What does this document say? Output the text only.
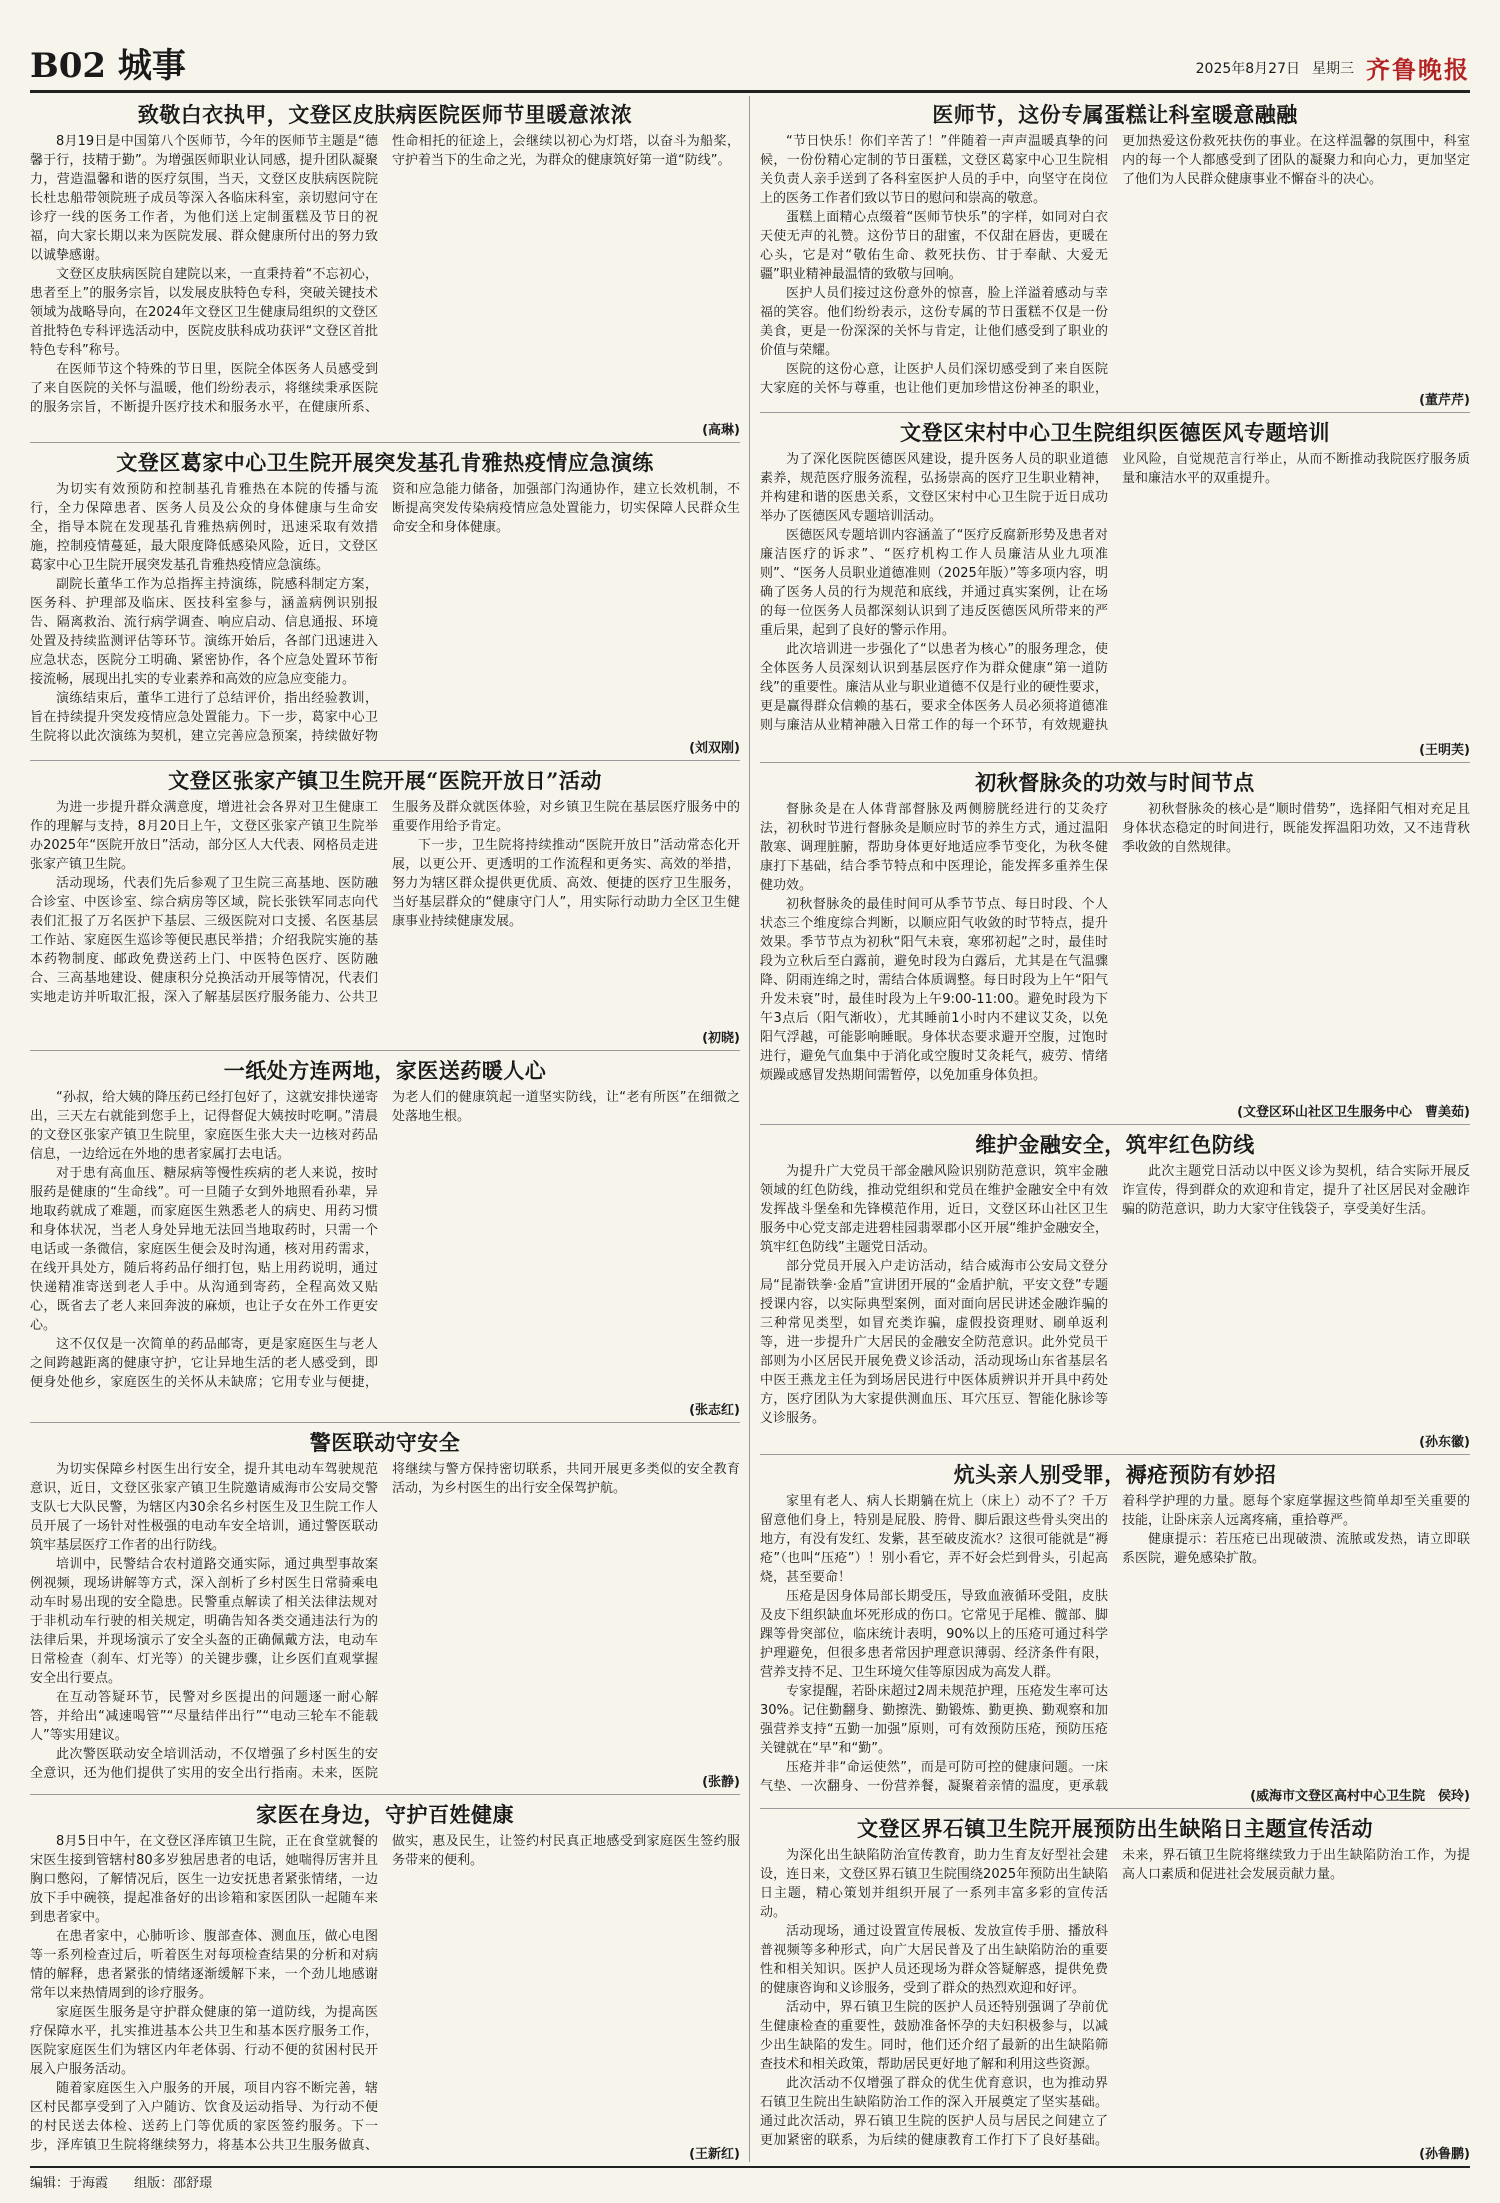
B02 城事	2025年8月27日 星期三 齐鲁晚报
致敬白衣执甲，文登区皮肤病医院医师节里暖意浓浓

8月19日是中国第八个医师节，今年的医师节主题是“德馨于行，技精于勤”。为增强医师职业认同感，提升团队凝聚力，营造温馨和谐的医疗氛围，当天，文登区皮肤病医院院长杜忠船带领院班子成员等深入各临床科室，亲切慰问守在诊疗一线的医务工作者，为他们送上定制蛋糕及节日的祝福，向大家长期以来为医院发展、群众健康所付出的努力致以诚挚感谢。

文登区皮肤病医院自建院以来，一直秉持着“不忘初心，患者至上”的服务宗旨，以发展皮肤特色专科，突破关键技术领域为战略导向，在2024年文登区卫生健康局组织的文登区首批特色专科评选活动中，医院皮肤科成功获评“文登区首批特色专科”称号。

在医师节这个特殊的节日里，医院全体医务人员感受到了来自医院的关怀与温暖，他们纷纷表示，将继续秉承医院的服务宗旨，不断提升医疗技术和服务水平，在健康所系、性命相托的征途上，会继续以初心为灯塔，以奋斗为船桨，守护着当下的生命之光，为群众的健康筑好第一道“防线”。

(高琳)
文登区葛家中心卫生院开展突发基孔肯雅热疫情应急演练

为切实有效预防和控制基孔肯雅热在本院的传播与流行，全力保障患者、医务人员及公众的身体健康与生命安全，指导本院在发现基孔肯雅热病例时，迅速采取有效措施，控制疫情蔓延，最大限度降低感染风险，近日，文登区葛家中心卫生院开展突发基孔肯雅热疫情应急演练。

副院长董华工作为总指挥主持演练，院感科制定方案，医务科、护理部及临床、医技科室参与，涵盖病例识别报告、隔离救治、流行病学调查、响应启动、信息通报、环境处置及持续监测评估等环节。演练开始后，各部门迅速进入应急状态，医院分工明确、紧密协作，各个应急处置环节衔接流畅，展现出扎实的专业素养和高效的应急应变能力。

演练结束后，董华工进行了总结评价，指出经验教训，旨在持续提升突发疫情应急处置能力。下一步，葛家中心卫生院将以此次演练为契机，建立完善应急预案，持续做好物资和应急能力储备，加强部门沟通协作，建立长效机制，不断提高突发传染病疫情应急处置能力，切实保障人民群众生命安全和身体健康。

(刘双刚)
文登区张家产镇卫生院开展“医院开放日”活动

为进一步提升群众满意度，增进社会各界对卫生健康工作的理解与支持，8月20日上午，文登区张家产镇卫生院举办2025年“医院开放日”活动，部分区人大代表、网格员走进张家产镇卫生院。

活动现场，代表们先后参观了卫生院三高基地、医防融合诊室、中医诊室、综合病房等区域，院长张铁军同志向代表们汇报了万名医护下基层、三级医院对口支援、名医基层工作站、家庭医生巡诊等便民惠民举措；介绍我院实施的基本药物制度、邮政免费送药上门、中医特色医疗、医防融合、三高基地建设、健康积分兑换活动开展等情况，代表们实地走访并听取汇报，深入了解基层医疗服务能力、公共卫生服务及群众就医体验，对乡镇卫生院在基层医疗服务中的重要作用给予肯定。

下一步，卫生院将持续推动“医院开放日”活动常态化开展，以更公开、更透明的工作流程和更务实、高效的举措，努力为辖区群众提供更优质、高效、便捷的医疗卫生服务，当好基层群众的“健康守门人”，用实际行动助力全区卫生健康事业持续健康发展。

(初晓)
一纸处方连两地，家医送药暖人心

“孙叔，给大姨的降压药已经打包好了，这就安排快递寄出，三天左右就能到您手上，记得督促大姨按时吃啊。”清晨的文登区张家产镇卫生院里，家庭医生张大夫一边核对药品信息，一边给远在外地的患者家属打去电话。

对于患有高血压、糖尿病等慢性疾病的老人来说，按时服药是健康的“生命线”。可一旦随子女到外地照看孙辈，异地取药就成了难题，而家庭医生熟悉老人的病史、用药习惯和身体状况，当老人身处异地无法回当地取药时，只需一个电话或一条微信，家庭医生便会及时沟通，核对用药需求，在线开具处方，随后将药品仔细打包，贴上用药说明，通过快递精准寄送到老人手中。从沟通到寄药，全程高效又贴心，既省去了老人来回奔波的麻烦，也让子女在外工作更安心。

这不仅仅是一次简单的药品邮寄，更是家庭医生与老人之间跨越距离的健康守护，它让异地生活的老人感受到，即便身处他乡，家庭医生的关怀从未缺席；它用专业与便捷，为老人们的健康筑起一道坚实防线，让“老有所医”在细微之处落地生根。

(张志红)
警医联动守安全

为切实保障乡村医生出行安全，提升其电动车驾驶规范意识，近日，文登区张家产镇卫生院邀请威海市公安局交警支队七大队民警，为辖区内30余名乡村医生及卫生院工作人员开展了一场针对性极强的电动车安全培训，通过警医联动筑牢基层医疗工作者的出行防线。

培训中，民警结合农村道路交通实际，通过典型事故案例视频，现场讲解等方式，深入剖析了乡村医生日常骑乘电动车时易出现的安全隐患。民警重点解读了相关法律法规对于非机动车行驶的相关规定，明确告知各类交通违法行为的法律后果，并现场演示了安全头盔的正确佩戴方法，电动车日常检查（刹车、灯光等）的关键步骤，让乡医们直观掌握安全出行要点。

在互动答疑环节，民警对乡医提出的问题逐一耐心解答，并给出“减速喝管”“尽量结伴出行”“电动三轮车不能载人”等实用建议。

此次警医联动安全培训活动，不仅增强了乡村医生的安全意识，还为他们提供了实用的安全出行指南。未来，医院将继续与警方保持密切联系，共同开展更多类似的安全教育活动，为乡村医生的出行安全保驾护航。

(张静)
家医在身边，守护百姓健康

8月5日中午，在文登区泽库镇卫生院，正在食堂就餐的宋医生接到管辖村80多岁独居患者的电话，她喘得厉害并且胸口憋闷，了解情况后，医生一边安抚患者紧张情绪，一边放下手中碗筷，提起准备好的出诊箱和家医团队一起随车来到患者家中。

在患者家中，心肺听诊、腹部查体、测血压，做心电图等一系列检查过后，听着医生对每项检查结果的分析和对病情的解释，患者紧张的情绪逐渐缓解下来，一个劲儿地感谢常年以来热情周到的诊疗服务。

家庭医生服务是守护群众健康的第一道防线，为提高医疗保障水平，扎实推进基本公共卫生和基本医疗服务工作，医院家庭医生们为辖区内年老体弱、行动不便的贫困村民开展入户服务活动。

随着家庭医生入户服务的开展，项目内容不断完善，辖区村民都享受到了入户随访、饮食及运动指导、为行动不便的村民送去体检、送药上门等优质的家医签约服务。下一步，泽库镇卫生院将继续努力，将基本公共卫生服务做真、做实，惠及民生，让签约村民真正地感受到家庭医生签约服务带来的便利。

(王新红)
医师节，这份专属蛋糕让科室暖意融融

“节日快乐！你们辛苦了！”伴随着一声声温暖真挚的问候，一份份精心定制的节日蛋糕，文登区葛家中心卫生院相关负责人亲手送到了各科室医护人员的手中，向坚守在岗位上的医务工作者们致以节日的慰问和崇高的敬意。

蛋糕上面精心点缀着“医师节快乐”的字样，如同对白衣天使无声的礼赞。这份节日的甜蜜，不仅甜在唇齿，更暖在心头，它是对“敬佑生命、救死扶伤、甘于奉献、大爱无疆”职业精神最温情的致敬与回响。

医护人员们接过这份意外的惊喜，脸上洋溢着感动与幸福的笑容。他们纷纷表示，这份专属的节日蛋糕不仅是一份美食，更是一份深深的关怀与肯定，让他们感受到了职业的价值与荣耀。

医院的这份心意，让医护人员们深切感受到了来自医院大家庭的关怀与尊重，也让他们更加珍惜这份神圣的职业，更加热爱这份救死扶伤的事业。在这样温馨的氛围中，科室内的每一个人都感受到了团队的凝聚力和向心力，更加坚定了他们为人民群众健康事业不懈奋斗的决心。

(董芹芹)
文登区宋村中心卫生院组织医德医风专题培训

为了深化医院医德医风建设，提升医务人员的职业道德素养，规范医疗服务流程，弘扬崇高的医疗卫生职业精神，并构建和谐的医患关系，文登区宋村中心卫生院于近日成功举办了医德医风专题培训活动。

医德医风专题培训内容涵盖了“医疗反腐新形势及患者对廉洁医疗的诉求”、“医疗机构工作人员廉洁从业九项准则”、“医务人员职业道德准则（2025年版）”等多项内容，明确了医务人员的行为规范和底线，并通过真实案例，让在场的每一位医务人员都深刻认识到了违反医德医风所带来的严重后果，起到了良好的警示作用。

此次培训进一步强化了“以患者为核心”的服务理念，使全体医务人员深刻认识到基层医疗作为群众健康“第一道防线”的重要性。廉洁从业与职业道德不仅是行业的硬性要求，更是赢得群众信赖的基石，要求全体医务人员必须将道德准则与廉洁从业精神融入日常工作的每一个环节，有效规避执业风险，自觉规范言行举止，从而不断推动我院医疗服务质量和廉洁水平的双重提升。

(王明芙)
初秋督脉灸的功效与时间节点

督脉灸是在人体背部督脉及两侧膀胱经进行的艾灸疗法，初秋时节进行督脉灸是顺应时节的养生方式，通过温阳散寒、调理脏腑，帮助身体更好地适应季节变化，为秋冬健康打下基础，结合季节特点和中医理论，能发挥多重养生保健功效。

初秋督脉灸的最佳时间可从季节节点、每日时段、个人状态三个维度综合判断，以顺应阳气收敛的时节特点，提升效果。季节节点为初秋“阳气未衰，寒邪初起”之时，最佳时段为立秋后至白露前，避免时段为白露后，尤其是在气温骤降、阴雨连绵之时，需结合体质调整。每日时段为上午“阳气升发未衰”时，最佳时段为上午9:00-11:00。避免时段为下午3点后（阳气渐收），尤其睡前1小时内不建议艾灸，以免阳气浮越，可能影响睡眠。身体状态要求避开空腹，过饱时进行，避免气血集中于消化或空腹时艾灸耗气，疲劳、情绪烦躁或感冒发热期间需暂停，以免加重身体负担。

初秋督脉灸的核心是“顺时借势”，选择阳气相对充足且身体状态稳定的时间进行，既能发挥温阳功效，又不违背秋季收敛的自然规律。

(文登区环山社区卫生服务中心　曹美茹)
维护金融安全，筑牢红色防线

为提升广大党员干部金融风险识别防范意识，筑牢金融领域的红色防线，推动党组织和党员在维护金融安全中有效发挥战斗堡垒和先锋模范作用，近日，文登区环山社区卫生服务中心党支部走进碧桂园翡翠郡小区开展“维护金融安全，筑牢红色防线”主题党日活动。

部分党员开展入户走访活动，结合威海市公安局文登分局“昆嵛铁拳·金盾”宣讲团开展的“金盾护航，平安文登”专题授课内容，以实际典型案例，面对面向居民讲述金融诈骗的三种常见类型，如冒充类诈骗，虚假投资理财、刷单返利等，进一步提升广大居民的金融安全防范意识。此外党员干部则为小区居民开展免费义诊活动，活动现场山东省基层名中医王燕龙主任为到场居民进行中医体质辨识并开具中药处方，医疗团队为大家提供测血压、耳穴压豆、智能化脉诊等义诊服务。

此次主题党日活动以中医义诊为契机，结合实际开展反诈宣传，得到群众的欢迎和肯定，提升了社区居民对金融诈骗的防范意识，助力大家守住钱袋子，享受美好生活。

(孙东徽)
炕头亲人别受罪，褥疮预防有妙招

家里有老人、病人长期躺在炕上（床上）动不了？千万留意他们身上，特别是屁股、胯骨、脚后跟这些骨头突出的地方，有没有发红、发紫，甚至破皮流水？这很可能就是“褥疮”（也叫“压疮”）！别小看它，弄不好会烂到骨头，引起高烧，甚至要命！

压疮是因身体局部长期受压，导致血液循环受阻，皮肤及皮下组织缺血坏死形成的伤口。它常见于尾椎、髋部、脚踝等骨突部位，临床统计表明，90%以上的压疮可通过科学护理避免，但很多患者常因护理意识薄弱、经济条件有限，营养支持不足、卫生环境欠佳等原因成为高发人群。

专家提醒，若卧床超过2周未规范护理，压疮发生率可达30%。记住勤翻身、勤擦洗、勤锻炼、勤更换、勤观察和加强营养支持“五勤一加强”原则，可有效预防压疮，预防压疮关键就在“早”和“勤”。

压疮并非“命运使然”，而是可防可控的健康问题。一床气垫、一次翻身、一份营养餐，凝聚着亲情的温度，更承载着科学护理的力量。愿每个家庭掌握这些简单却至关重要的技能，让卧床亲人远离疼痛，重拾尊严。

健康提示：若压疮已出现破溃、流脓或发热，请立即联系医院，避免感染扩散。

(威海市文登区高村中心卫生院　侯玲)
文登区界石镇卫生院开展预防出生缺陷日主题宣传活动

为深化出生缺陷防治宣传教育，助力生育友好型社会建设，连日来，文登区界石镇卫生院围绕2025年预防出生缺陷日主题，精心策划并组织开展了一系列丰富多彩的宣传活动。

活动现场，通过设置宣传展板、发放宣传手册、播放科普视频等多种形式，向广大居民普及了出生缺陷防治的重要性和相关知识。医护人员还现场为群众答疑解惑，提供免费的健康咨询和义诊服务，受到了群众的热烈欢迎和好评。

活动中，界石镇卫生院的医护人员还特别强调了孕前优生健康检查的重要性，鼓励准备怀孕的夫妇积极参与，以减少出生缺陷的发生。同时，他们还介绍了最新的出生缺陷筛查技术和相关政策，帮助居民更好地了解和利用这些资源。

此次活动不仅增强了群众的优生优育意识，也为推动界石镇卫生院出生缺陷防治工作的深入开展奠定了坚实基础。通过此次活动，界石镇卫生院的医护人员与居民之间建立了更加紧密的联系，为后续的健康教育工作打下了良好基础。未来，界石镇卫生院将继续致力于出生缺陷防治工作，为提高人口素质和促进社会发展贡献力量。

(孙鲁鹏)
编辑：于海霞 组版：邵舒璟
